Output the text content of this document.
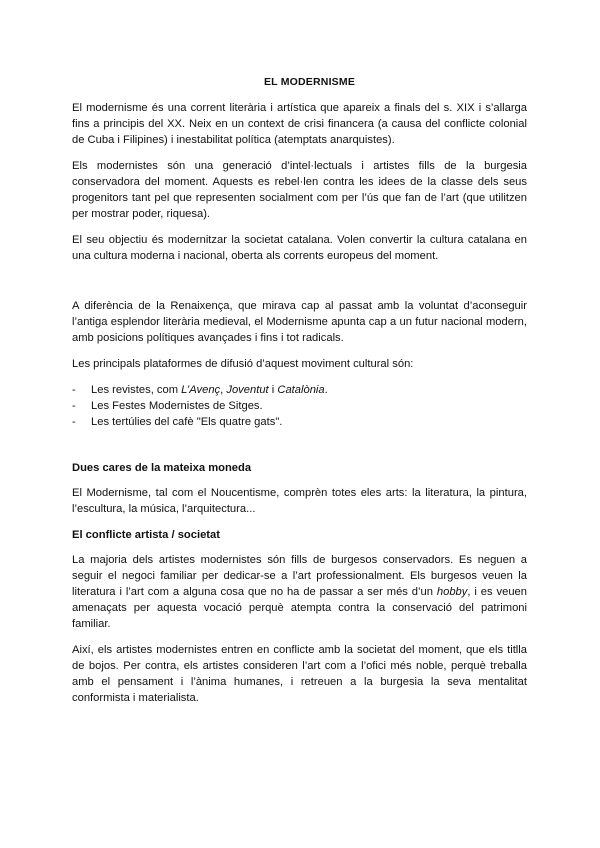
EL MODERNISME

El modernisme és una corrent literària i artística que apareix a finals del s. XIX i s’allarga fins a principis del XX. Neix en un context de crisi financera (a causa del conflicte colonial de Cuba i Filipines) i inestabilitat política (atemptats anarquistes).

Els modernistes són una generació d’intel·lectuals i artistes fills de la burgesia conservadora del moment. Aquests es rebel·len contra les idees de la classe dels seus progenitors tant pel que representen socialment com per l’ús que fan de l’art (que utilitzen per mostrar poder, riquesa).

El seu objectiu és modernitzar la societat catalana. Volen convertir la cultura catalana en una cultura moderna i nacional, oberta als corrents europeus del moment.

A diferència de la Renaixença, que mirava cap al passat amb la voluntat d’aconseguir l’antiga esplendor literària medieval, el Modernisme apunta cap a un futur nacional modern, amb posicions polítiques avançades i fins i tot radicals.

Les principals plataformes de difusió d’aquest moviment cultural són:

- Les revistes, com L’Avenç, Joventut i Catalònia.
- Les Festes Modernistes de Sitges.
- Les tertúlies del cafè "Els quatre gats".
Dues cares de la mateixa moneda

El Modernisme, tal com el Noucentisme, comprèn totes eles arts: la literatura, la pintura, l’escultura, la música, l’arquitectura...

El conflicte artista / societat

La majoria dels artistes modernistes són fills de burgesos conservadors. Es neguen a seguir el negoci familiar per dedicar-se a l’art professionalment. Els burgesos veuen la literatura i l’art com a alguna cosa que no ha de passar a ser més d’un hobby, i es veuen amenaçats per aquesta vocació perquè atempta contra la conservació del patrimoni familiar.

Així, els artistes modernistes entren en conflicte amb la societat del moment, que els titlla de bojos. Per contra, els artistes consideren l’art com a l’ofici més noble, perquè treballa amb el pensament i l’ànima humanes, i retreuen a la burgesia la seva mentalitat conformista i materialista.
